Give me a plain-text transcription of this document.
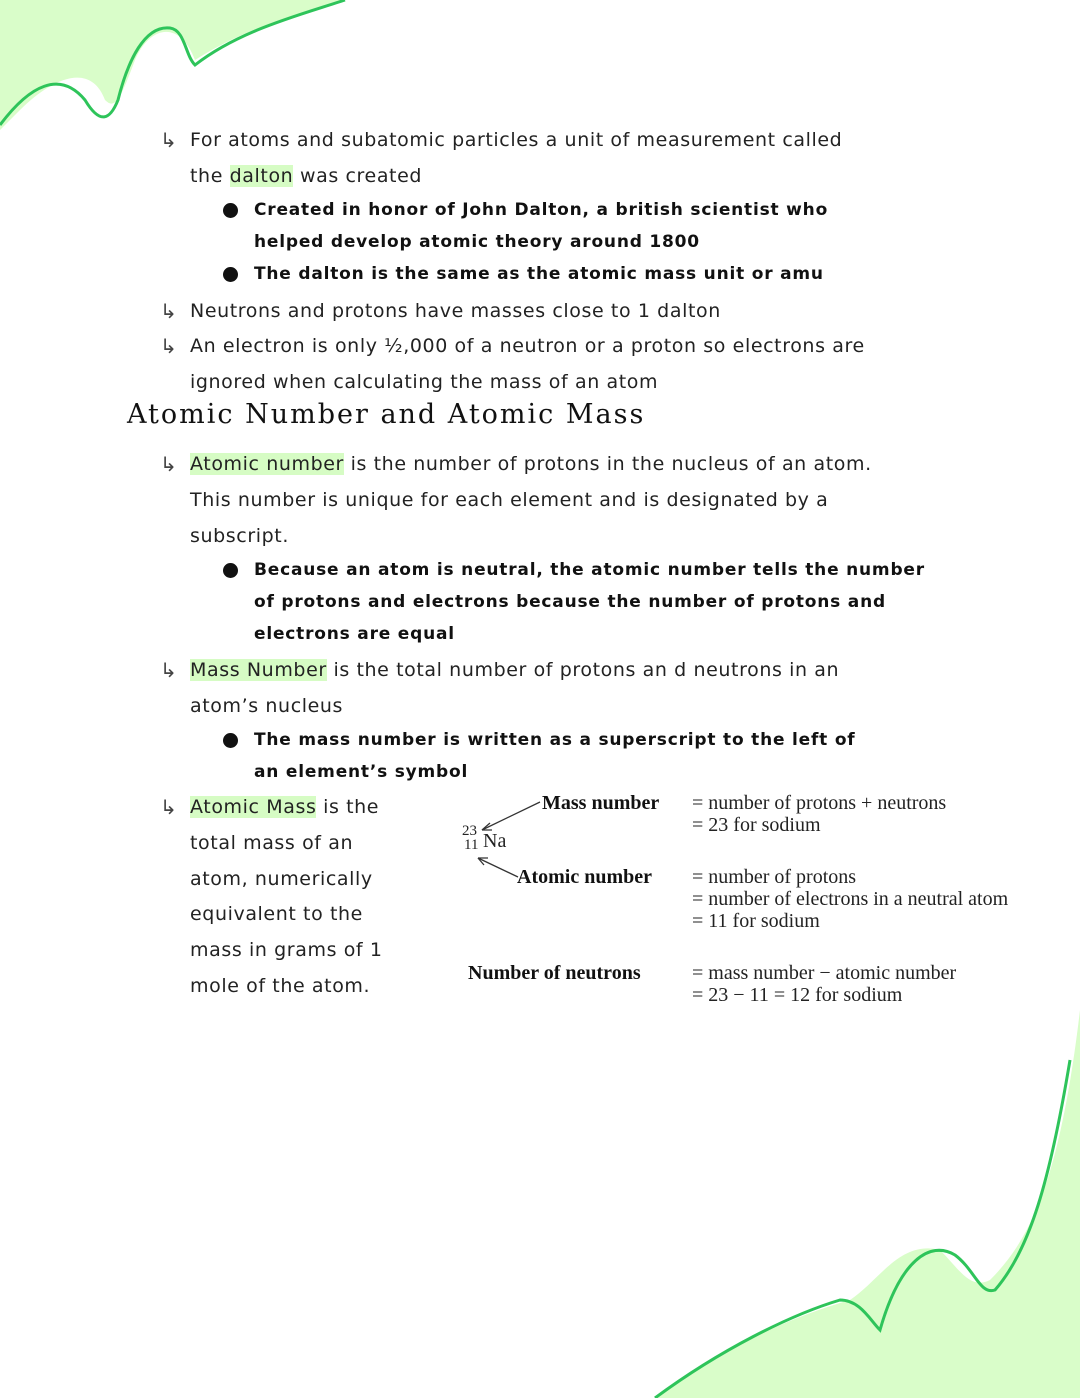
↳ For atoms and subatomic particles a unit of measurement called
the dalton was created
Created in honor of John Dalton, a british scientist who
helped develop atomic theory around 1800
The dalton is the same as the atomic mass unit or amu
↳ Neutrons and protons have masses close to 1 dalton
↳ An electron is only ½,000 of a neutron or a proton so electrons are
ignored when calculating the mass of an atom
Atomic Number and Atomic Mass
↳ Atomic number is the number of protons in the nucleus of an atom.
This number is unique for each element and is designated by a
subscript.
Because an atom is neutral, the atomic number tells the number
of protons and electrons because the number of protons and
electrons are equal
↳ Mass Number is the total number of protons an d neutrons in an
atom’s nucleus
The mass number is written as a superscript to the left of
an element’s symbol
↳ Atomic Mass is the
total mass of an
atom, numerically
equivalent to the
mass in grams of 1
mole of the atom.
23
11 Na
Mass number = number of protons + neutrons
= 23 for sodium
Atomic number = number of protons
= number of electrons in a neutral atom
= 11 for sodium
Number of neutrons	= mass number − atomic number
= 23 − 11 = 12 for sodium
